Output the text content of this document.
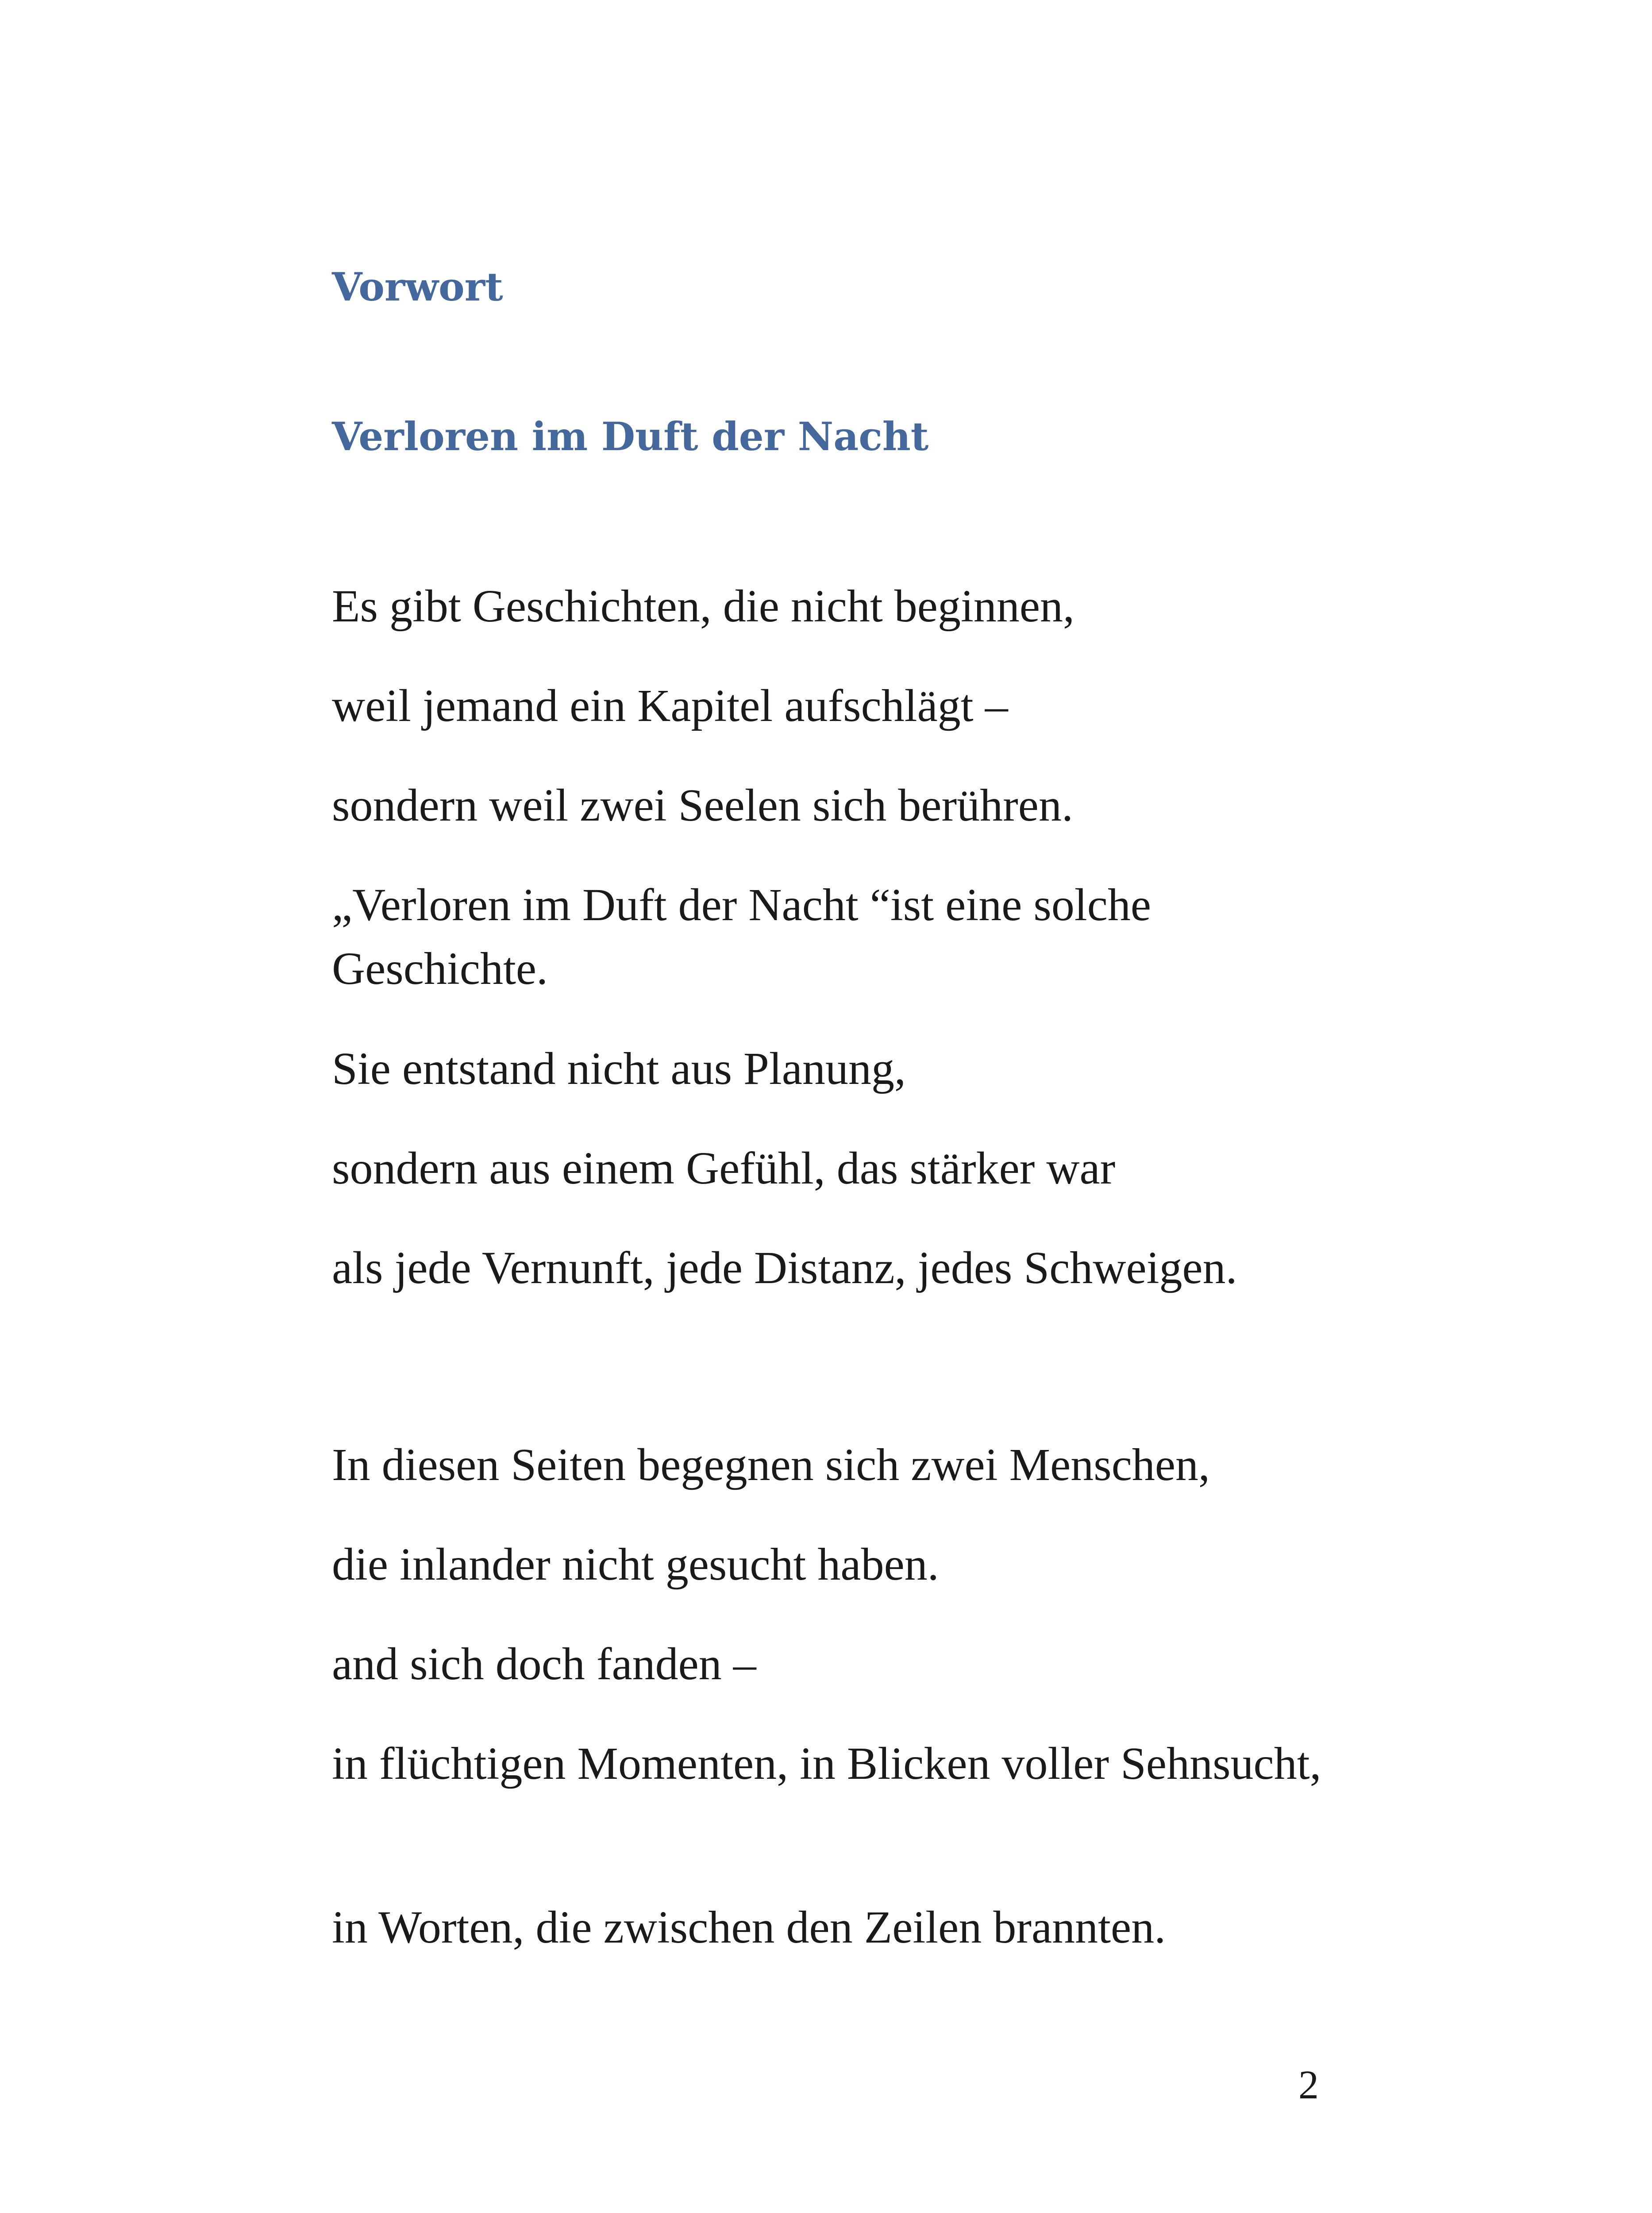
Vorwort
Verloren im Duft der Nacht

Es gibt Geschichten, die nicht beginnen,

weil jemand ein Kapitel aufschlägt –

sondern weil zwei Seelen sich berühren.

„Verloren im Duft der Nacht “ist eine solche Geschichte.

Sie entstand nicht aus Planung,

sondern aus einem Gefühl, das stärker war

als jede Vernunft, jede Distanz, jedes Schweigen.

In diesen Seiten begegnen sich zwei Menschen,

die inlander nicht gesucht haben.

and sich doch fanden –

in flüchtigen Momenten, in Blicken voller Sehnsucht,

in Worten, die zwischen den Zeilen brannten.

2
